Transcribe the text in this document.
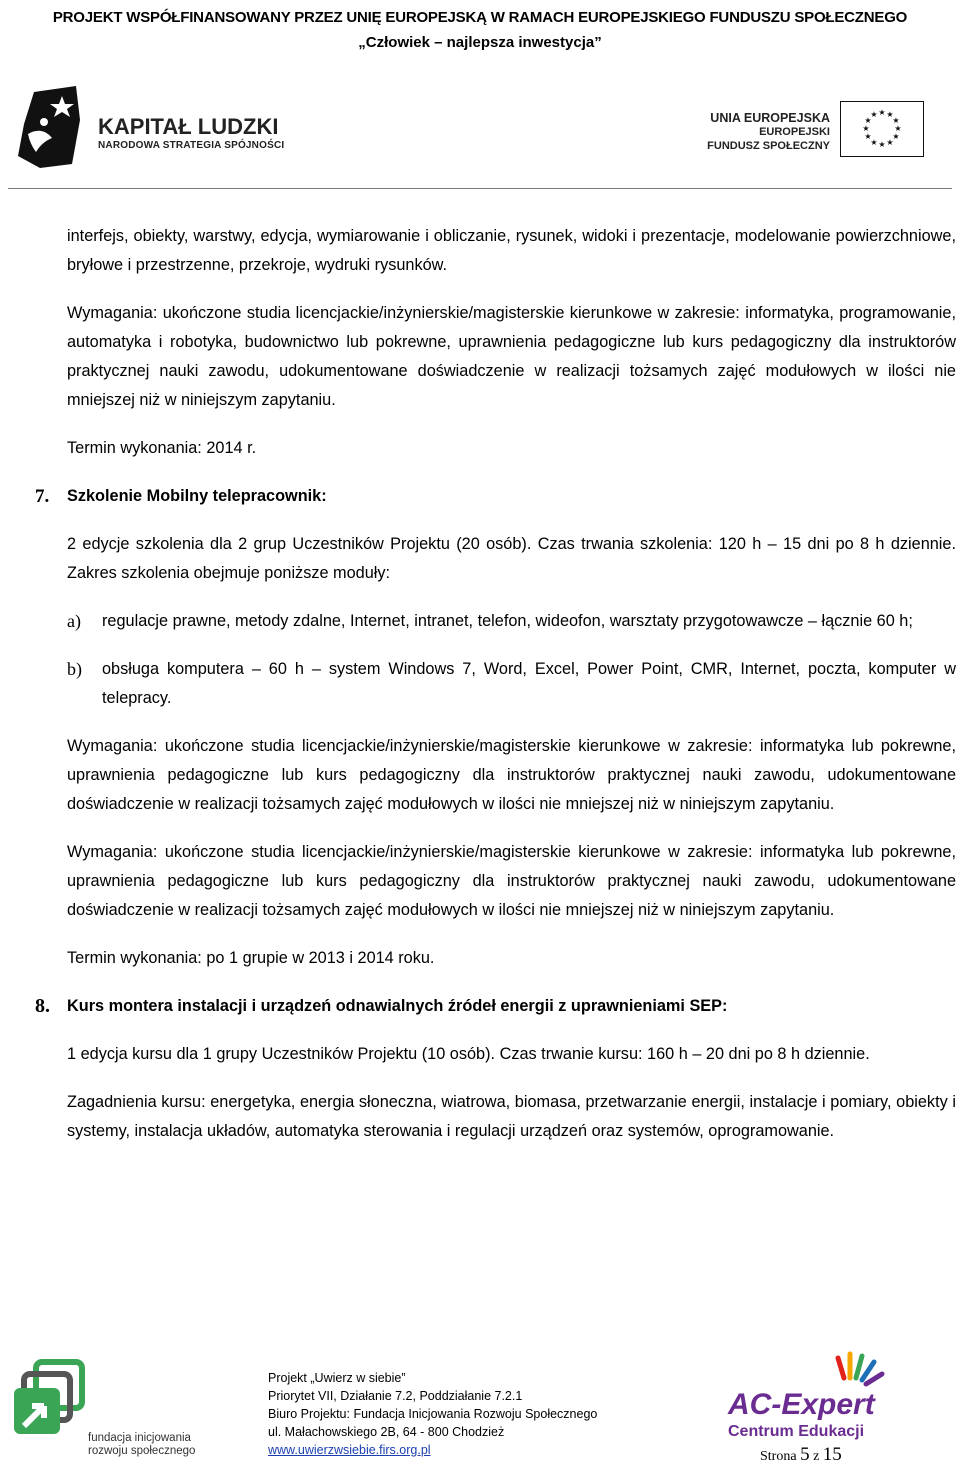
PROJEKT WSPÓŁFINANSOWANY PRZEZ UNIĘ EUROPEJSKĄ W RAMACH EUROPEJSKIEGO FUNDUSZU SPOŁECZNEGO
„Człowiek – najlepsza inwestycja”
KAPITAŁ LUDZKI
NARODOWA STRATEGIA SPÓJNOŚCI
UNIA EUROPEJSKA
EUROPEJSKI
FUNDUSZ SPOŁECZNY
★ ★
★
★
★
★
★
★
★
★
★
★

interfejs, obiekty, warstwy, edycja, wymiarowanie i obliczanie, rysunek, widoki i prezentacje, modelowanie powierzchniowe, bryłowe i przestrzenne, przekroje, wydruki rysunków.

Wymagania: ukończone studia licencjackie/inżynierskie/magisterskie kierunkowe w zakresie: informatyka, programowanie, automatyka i robotyka, budownictwo lub pokrewne, uprawnienia pedagogiczne lub kurs pedagogiczny dla instruktorów praktycznej nauki zawodu, udokumentowane doświadczenie w realizacji tożsamych zajęć modułowych w ilości nie mniejszej niż w niniejszym zapytaniu.

Termin wykonania: 2014 r.

7. Szkolenie Mobilny telepracownik:

2 edycje szkolenia dla 2 grup Uczestników Projektu (20 osób). Czas trwania szkolenia: 120 h – 15 dni po 8 h dziennie. Zakres szkolenia obejmuje poniższe moduły:

a) regulacje prawne, metody zdalne, Internet, intranet, telefon, wideofon, warsztaty przygotowawcze – łącznie 60 h;
b) obsługa komputera – 60 h – system Windows 7, Word, Excel, Power Point, CMR, Internet, poczta, komputer w telepracy.

Wymagania: ukończone studia licencjackie/inżynierskie/magisterskie kierunkowe w zakresie: informatyka lub pokrewne, uprawnienia pedagogiczne lub kurs pedagogiczny dla instruktorów praktycznej nauki zawodu, udokumentowane doświadczenie w realizacji tożsamych zajęć modułowych w ilości nie mniejszej niż w niniejszym zapytaniu.

Wymagania: ukończone studia licencjackie/inżynierskie/magisterskie kierunkowe w zakresie: informatyka lub pokrewne, uprawnienia pedagogiczne lub kurs pedagogiczny dla instruktorów praktycznej nauki zawodu, udokumentowane doświadczenie w realizacji tożsamych zajęć modułowych w ilości nie mniejszej niż w niniejszym zapytaniu.

Termin wykonania: po 1 grupie w 2013 i 2014 roku.

8. Kurs montera instalacji i urządzeń odnawialnych źródeł energii z uprawnieniami SEP:

1 edycja kursu dla 1 grupy Uczestników Projektu (10 osób). Czas trwanie kursu: 160 h – 20 dni po 8 h dziennie.

Zagadnienia kursu: energetyka, energia słoneczna, wiatrowa, biomasa, przetwarzanie energii, instalacje i pomiary, obiekty i systemy, instalacja układów, automatyka sterowania i regulacji urządzeń oraz systemów, oprogramowanie.

fundacja inicjowania
rozwoju społecznego
Projekt „Uwierz w siebie”
Priorytet VII, Działanie 7.2, Poddziałanie 7.2.1
Biuro Projektu: Fundacja Inicjowania Rozwoju Społecznego
ul. Małachowskiego 2B, 64 - 800 Chodzież
www.uwierzwsiebie.firs.org.pl
AC-Expert
Centrum Edukacji
Strona 5 z 15
